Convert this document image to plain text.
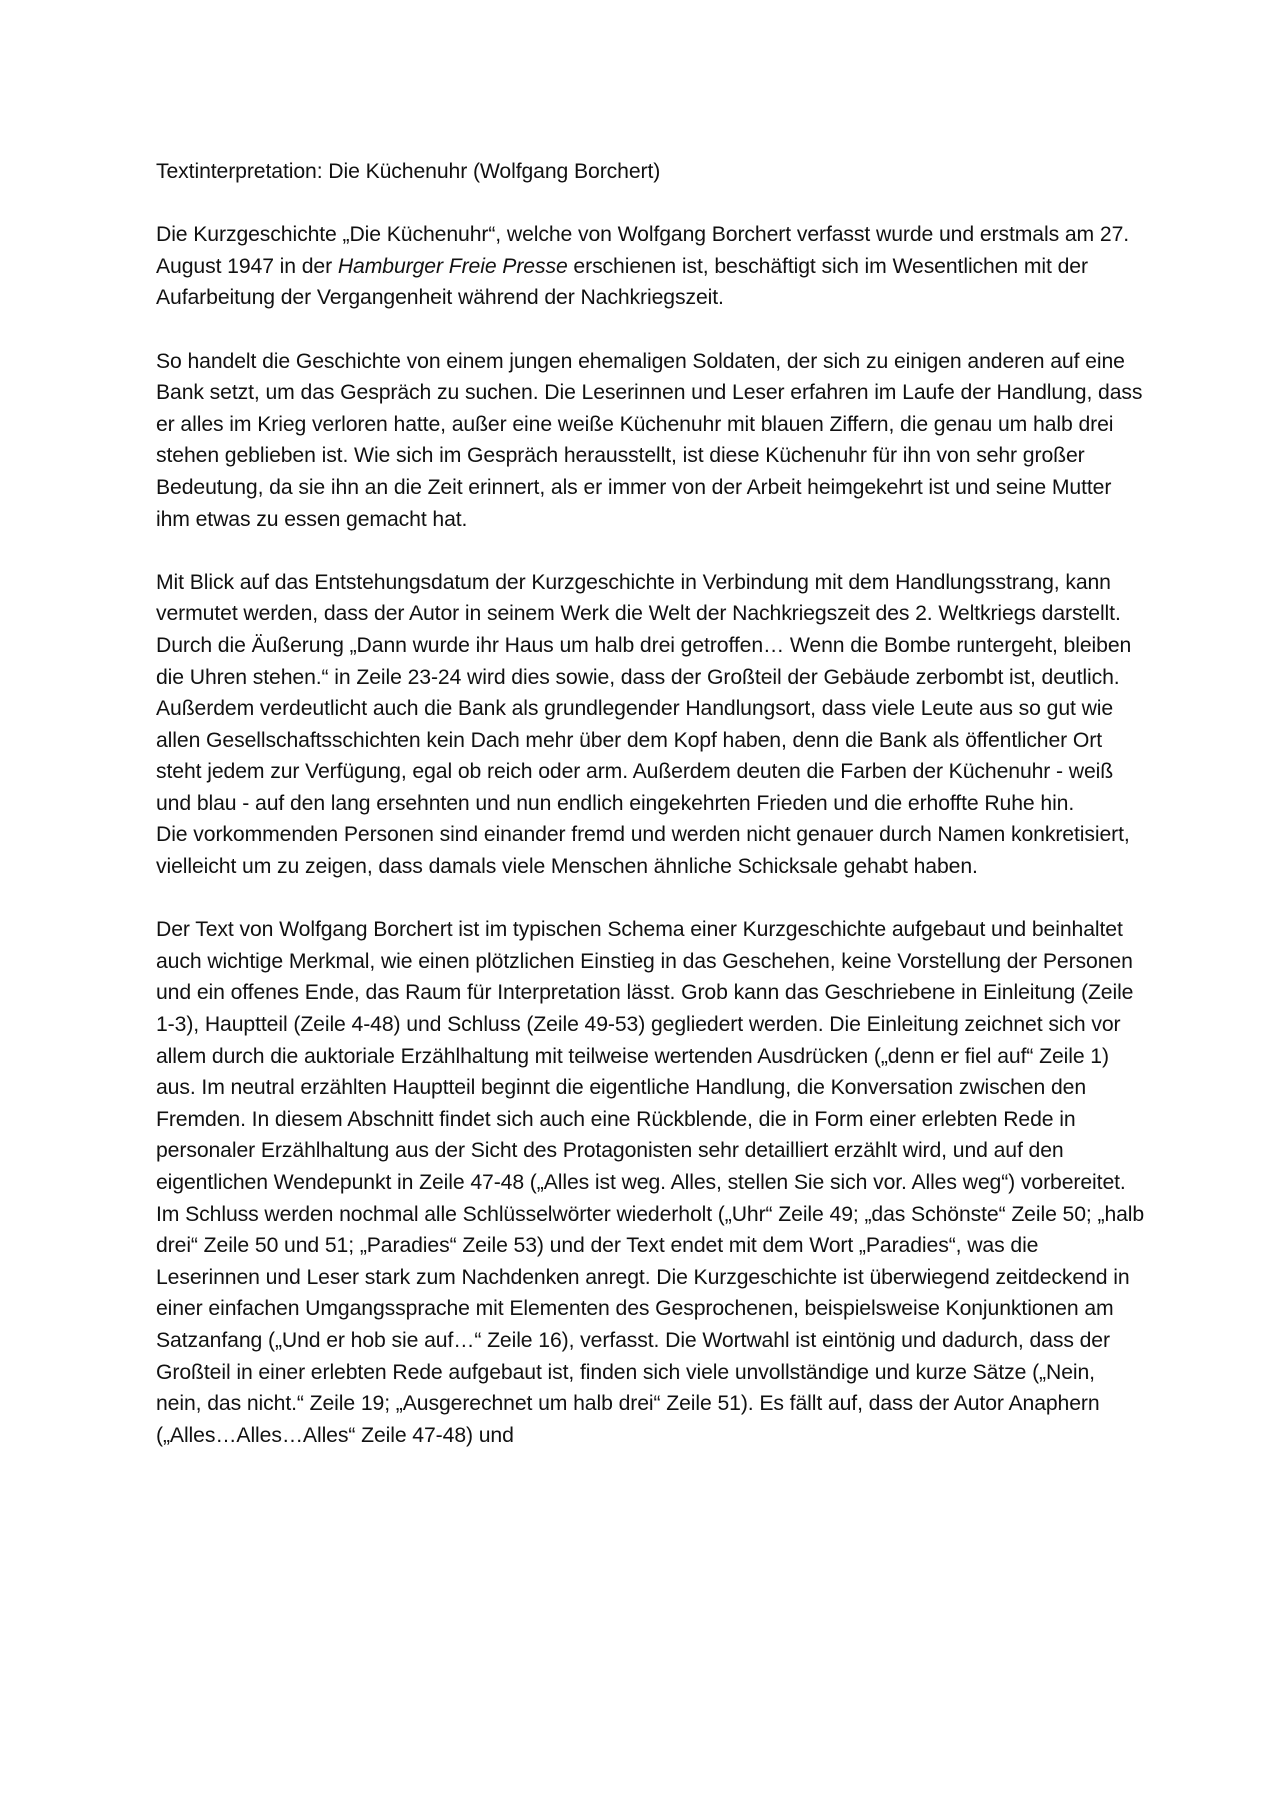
Textinterpretation: Die Küchenuhr (Wolfgang Borchert)

Die Kurzgeschichte „Die Küchenuhr“, welche von Wolfgang Borchert verfasst wurde und erstmals am 27. August 1947 in der Hamburger Freie Presse erschienen ist, beschäftigt sich im Wesentlichen mit der Aufarbeitung der Vergangenheit während der Nachkriegszeit.

So handelt die Geschichte von einem jungen ehemaligen Soldaten, der sich zu einigen anderen auf eine Bank setzt, um das Gespräch zu suchen. Die Leserinnen und Leser erfahren im Laufe der Handlung, dass er alles im Krieg verloren hatte, außer eine weiße Küchenuhr mit blauen Ziffern, die genau um halb drei stehen geblieben ist. Wie sich im Gespräch herausstellt, ist diese Küchenuhr für ihn von sehr großer Bedeutung, da sie ihn an die Zeit erinnert, als er immer von der Arbeit heimgekehrt ist und seine Mutter ihm etwas zu essen gemacht hat.

Mit Blick auf das Entstehungsdatum der Kurzgeschichte in Verbindung mit dem Handlungsstrang, kann vermutet werden, dass der Autor in seinem Werk die Welt der Nachkriegszeit des 2. Weltkriegs darstellt. Durch die Äußerung „Dann wurde ihr Haus um halb drei getroffen… Wenn die Bombe runtergeht, bleiben die Uhren stehen.“ in Zeile 23-24 wird dies sowie, dass der Großteil der Gebäude zerbombt ist, deutlich. Außerdem verdeutlicht auch die Bank als grundlegender Handlungsort, dass viele Leute aus so gut wie allen Gesellschaftsschichten kein Dach mehr über dem Kopf haben, denn die Bank als öffentlicher Ort steht jedem zur Verfügung, egal ob reich oder arm. Außerdem deuten die Farben der Küchenuhr - weiß und blau - auf den lang ersehnten und nun endlich eingekehrten Frieden und die erhoffte Ruhe hin.

Die vorkommenden Personen sind einander fremd und werden nicht genauer durch Namen konkretisiert, vielleicht um zu zeigen, dass damals viele Menschen ähnliche Schicksale gehabt haben.

Der Text von Wolfgang Borchert ist im typischen Schema einer Kurzgeschichte aufgebaut und beinhaltet auch wichtige Merkmal, wie einen plötzlichen Einstieg in das Geschehen, keine Vorstellung der Personen und ein offenes Ende, das Raum für Interpretation lässt. Grob kann das Geschriebene in Einleitung (Zeile 1-3), Hauptteil (Zeile 4-48) und Schluss (Zeile 49-53) gegliedert werden. Die Einleitung zeichnet sich vor allem durch die auktoriale Erzählhaltung mit teilweise wertenden Ausdrücken („denn er fiel auf“ Zeile 1) aus. Im neutral erzählten Hauptteil beginnt die eigentliche Handlung, die Konversation zwischen den Fremden. In diesem Abschnitt findet sich auch eine Rückblende, die in Form einer erlebten Rede in personaler Erzählhaltung aus der Sicht des Protagonisten sehr detailliert erzählt wird, und auf den eigentlichen Wendepunkt in Zeile 47-48 („Alles ist weg. Alles, stellen Sie sich vor. Alles weg“) vorbereitet. Im Schluss werden nochmal alle Schlüsselwörter wiederholt („Uhr“ Zeile 49; „das Schönste“ Zeile 50; „halb drei“ Zeile 50 und 51; „Paradies“ Zeile 53) und der Text endet mit dem Wort „Paradies“, was die Leserinnen und Leser stark zum Nachdenken anregt. Die Kurzgeschichte ist überwiegend zeitdeckend in einer einfachen Umgangssprache mit Elementen des Gesprochenen, beispielsweise Konjunktionen am Satzanfang („Und er hob sie auf…“ Zeile 16), verfasst. Die Wortwahl ist eintönig und dadurch, dass der Großteil in einer erlebten Rede aufgebaut ist, finden sich viele unvollständige und kurze Sätze („Nein, nein, das nicht.“ Zeile 19; „Ausgerechnet um halb drei“ Zeile 51). Es fällt auf, dass der Autor Anaphern („Alles…Alles…Alles“ Zeile 47-48) und
